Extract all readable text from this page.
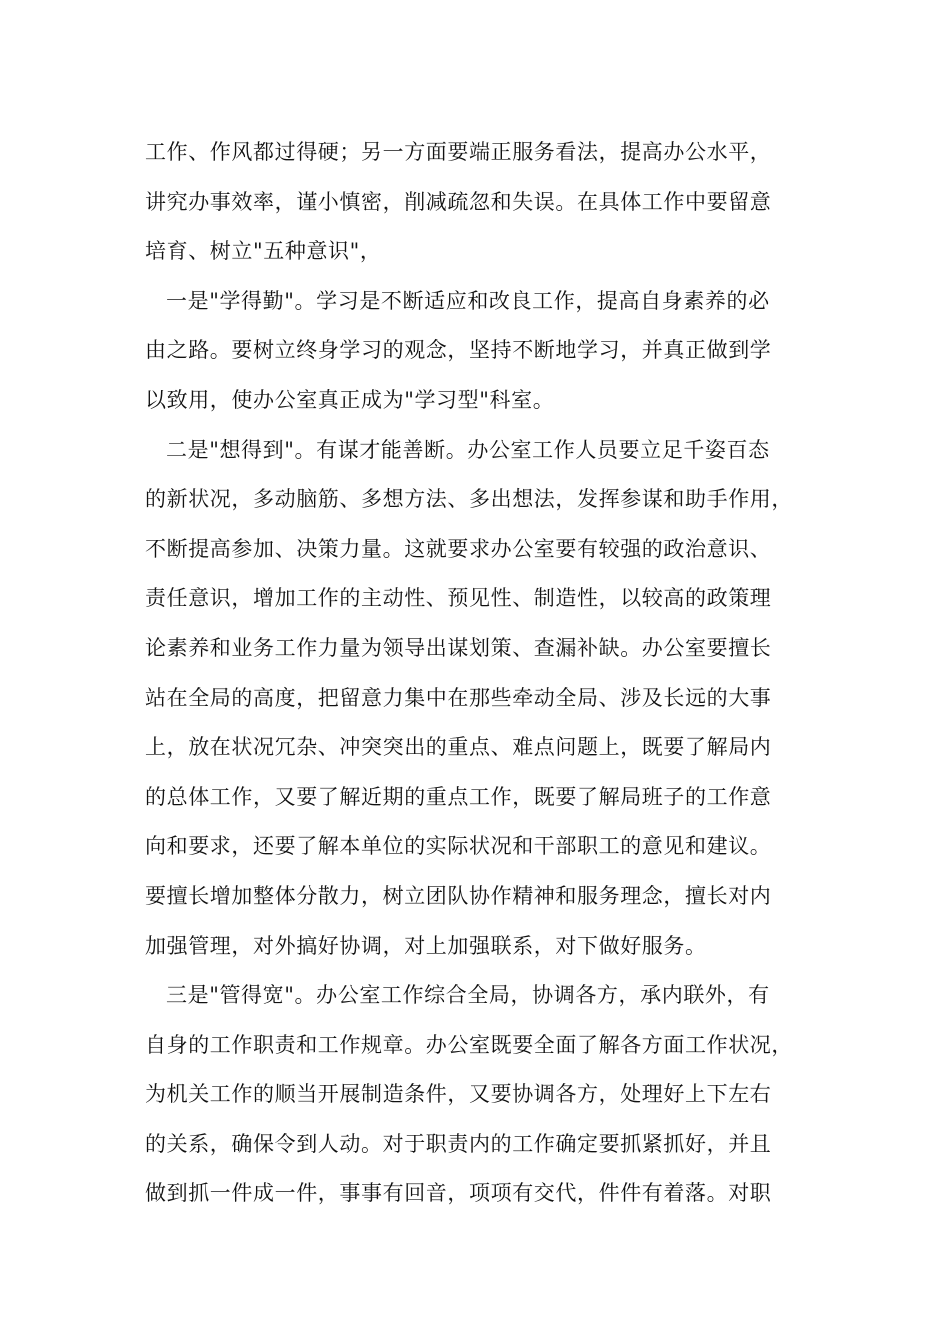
工作、作风都过得硬；另一方面要端正服务看法，提高办公水平，
讲究办事效率，谨小慎密，削减疏忽和失误。在具体工作中要留意
培育、树立"五种意识"，
一是"学得勤"。学习是不断适应和改良工作，提高自身素养的必
由之路。要树立终身学习的观念，坚持不断地学习，并真正做到学
以致用，使办公室真正成为"学习型"科室。
二是"想得到"。有谋才能善断。办公室工作人员要立足千姿百态
的新状况，多动脑筋、多想方法、多出想法，发挥参谋和助手作用，
不断提高参加、决策力量。这就要求办公室要有较强的政治意识、
责任意识，增加工作的主动性、预见性、制造性，以较高的政策理
论素养和业务工作力量为领导出谋划策、查漏补缺。办公室要擅长
站在全局的高度，把留意力集中在那些牵动全局、涉及长远的大事
上，放在状况冗杂、冲突突出的重点、难点问题上，既要了解局内
的总体工作，又要了解近期的重点工作，既要了解局班子的工作意
向和要求，还要了解本单位的实际状况和干部职工的意见和建议。
要擅长增加整体分散力，树立团队协作精神和服务理念，擅长对内
加强管理，对外搞好协调，对上加强联系，对下做好服务。
三是"管得宽"。办公室工作综合全局，协调各方，承内联外，有
自身的工作职责和工作规章。办公室既要全面了解各方面工作状况，
为机关工作的顺当开展制造条件，又要协调各方，处理好上下左右
的关系，确保令到人动。对于职责内的工作确定要抓紧抓好，并且
做到抓一件成一件，事事有回音，项项有交代，件件有着落。对职
